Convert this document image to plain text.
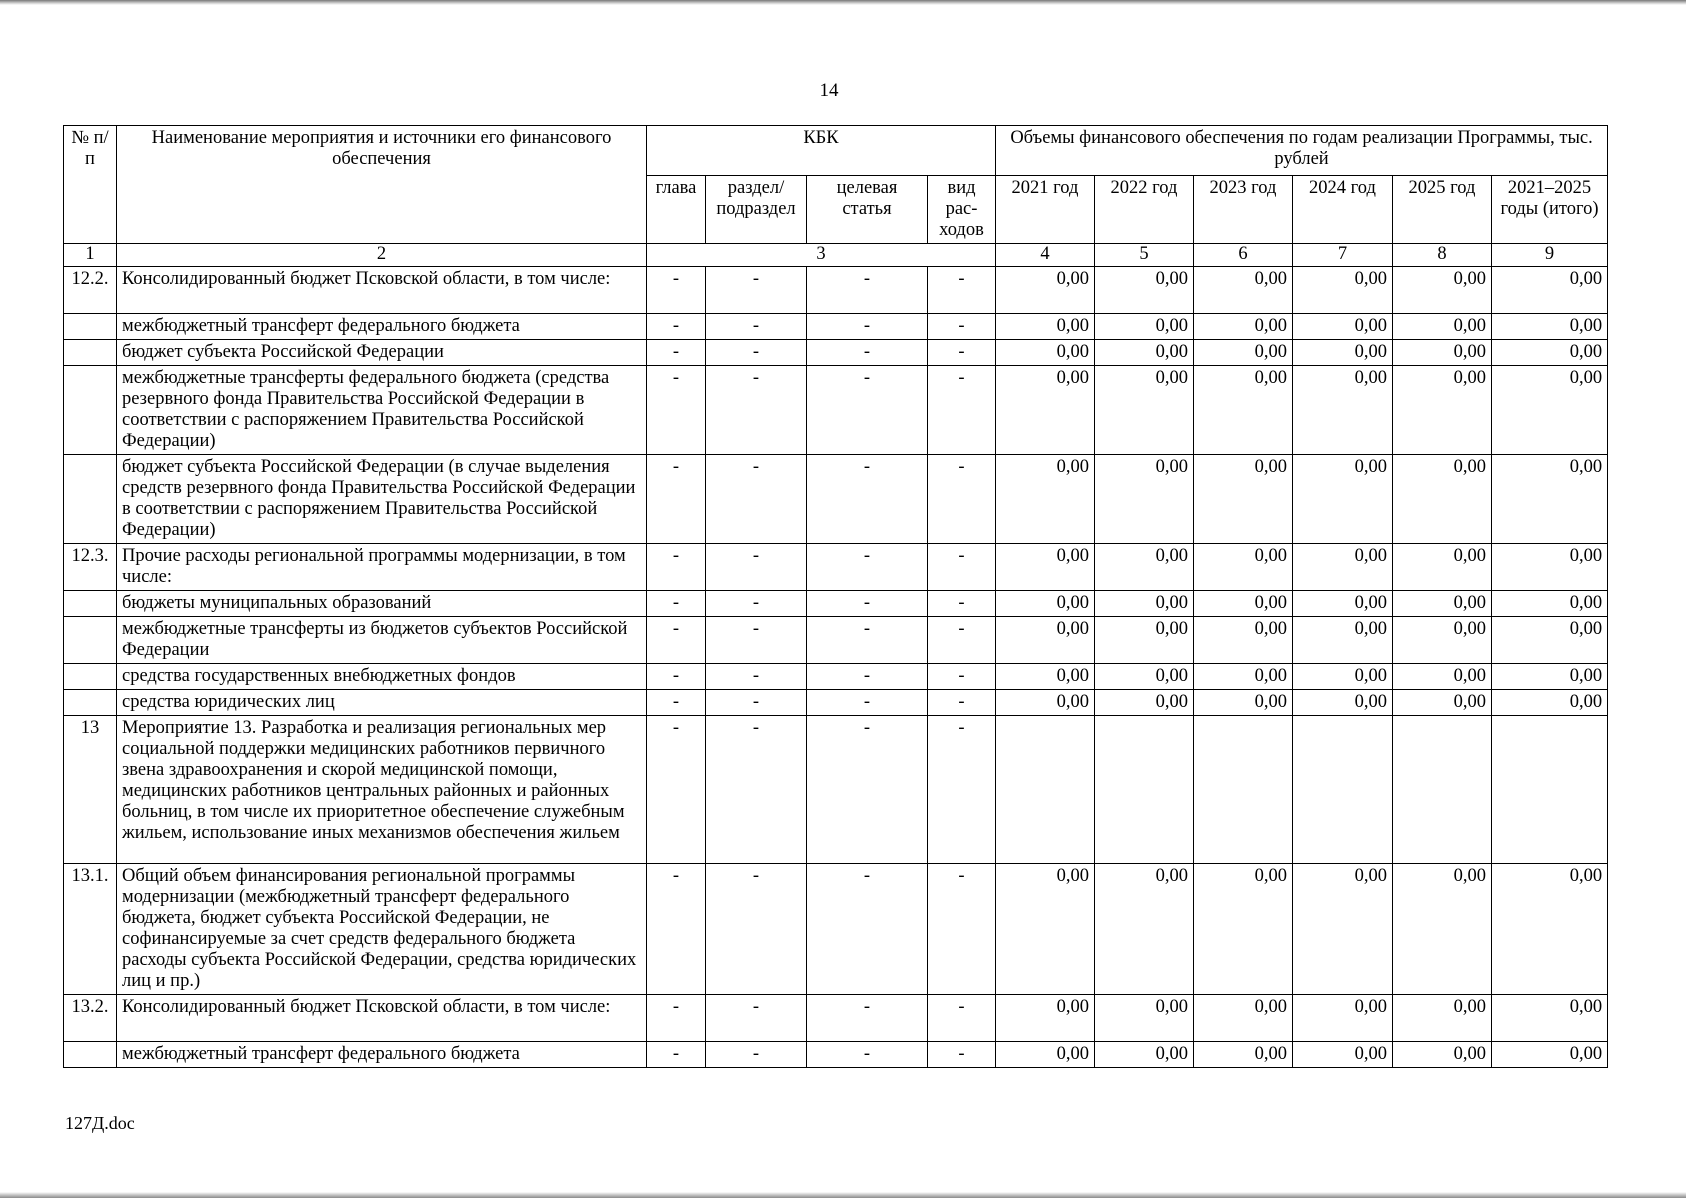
14
№ п/п	Наименование мероприятия и источники его финансового обеспечения	КБК				Объемы финансового обеспечения по годам реализации Программы, тыс. рублей					
		глава	раздел/ подраздел	целевая статья	вид рас- ходов	2021 год	2022 год	2023 год	2024 год	2025 год	2021–2025 годы (итого)
1	2	3				4	5	6	7	8	9
12.2.	Консолидированный бюджет Псковской области, в том числе:	-	-	-	-	0,00	0,00	0,00	0,00	0,00	0,00
	межбюджетный трансферт федерального бюджета	-	-	-	-	0,00	0,00	0,00	0,00	0,00	0,00
	бюджет субъекта Российской Федерации	-	-	-	-	0,00	0,00	0,00	0,00	0,00	0,00
	межбюджетные трансферты федерального бюджета (средства резервного фонда Правительства Российской Федерации в соответствии с распоряжением Правительства Российской Федерации)	-	-	-	-	0,00	0,00	0,00	0,00	0,00	0,00
	бюджет субъекта Российской Федерации (в случае выделения средств резервного фонда Правительства Российской Федерации в соответствии с распоряжением Правительства Российской Федерации)	-	-	-	-	0,00	0,00	0,00	0,00	0,00	0,00
12.3.	Прочие расходы региональной программы модернизации, в том числе:	-	-	-	-	0,00	0,00	0,00	0,00	0,00	0,00
	бюджеты муниципальных образований	-	-	-	-	0,00	0,00	0,00	0,00	0,00	0,00
	межбюджетные трансферты из бюджетов субъектов Российской Федерации	-	-	-	-	0,00	0,00	0,00	0,00	0,00	0,00
	средства государственных внебюджетных фондов	-	-	-	-	0,00	0,00	0,00	0,00	0,00	0,00
	средства юридических лиц	-	-	-	-	0,00	0,00	0,00	0,00	0,00	0,00
13	Мероприятие 13. Разработка и реализация региональных мер социальной поддержки медицинских работников первичного звена здравоохранения и скорой медицинской помощи, медицинских работников центральных районных и районных больниц, в том числе их приоритетное обеспечение служебным жильем, использование иных механизмов обеспечения жильем	-	-	-	-						
13.1.	Общий объем финансирования региональной программы модернизации (межбюджетный трансферт федерального бюджета, бюджет субъекта Российской Федерации, не софинансируемые за счет средств федерального бюджета расходы субъекта Российской Федерации, средства юридических лиц и пр.)	-	-	-	-	0,00	0,00	0,00	0,00	0,00	0,00
13.2.	Консолидированный бюджет Псковской области, в том числе:	-	-	-	-	0,00	0,00	0,00	0,00	0,00	0,00
	межбюджетный трансферт федерального бюджета	-	-	-	-	0,00	0,00	0,00	0,00	0,00	0,00
127Д.doc
